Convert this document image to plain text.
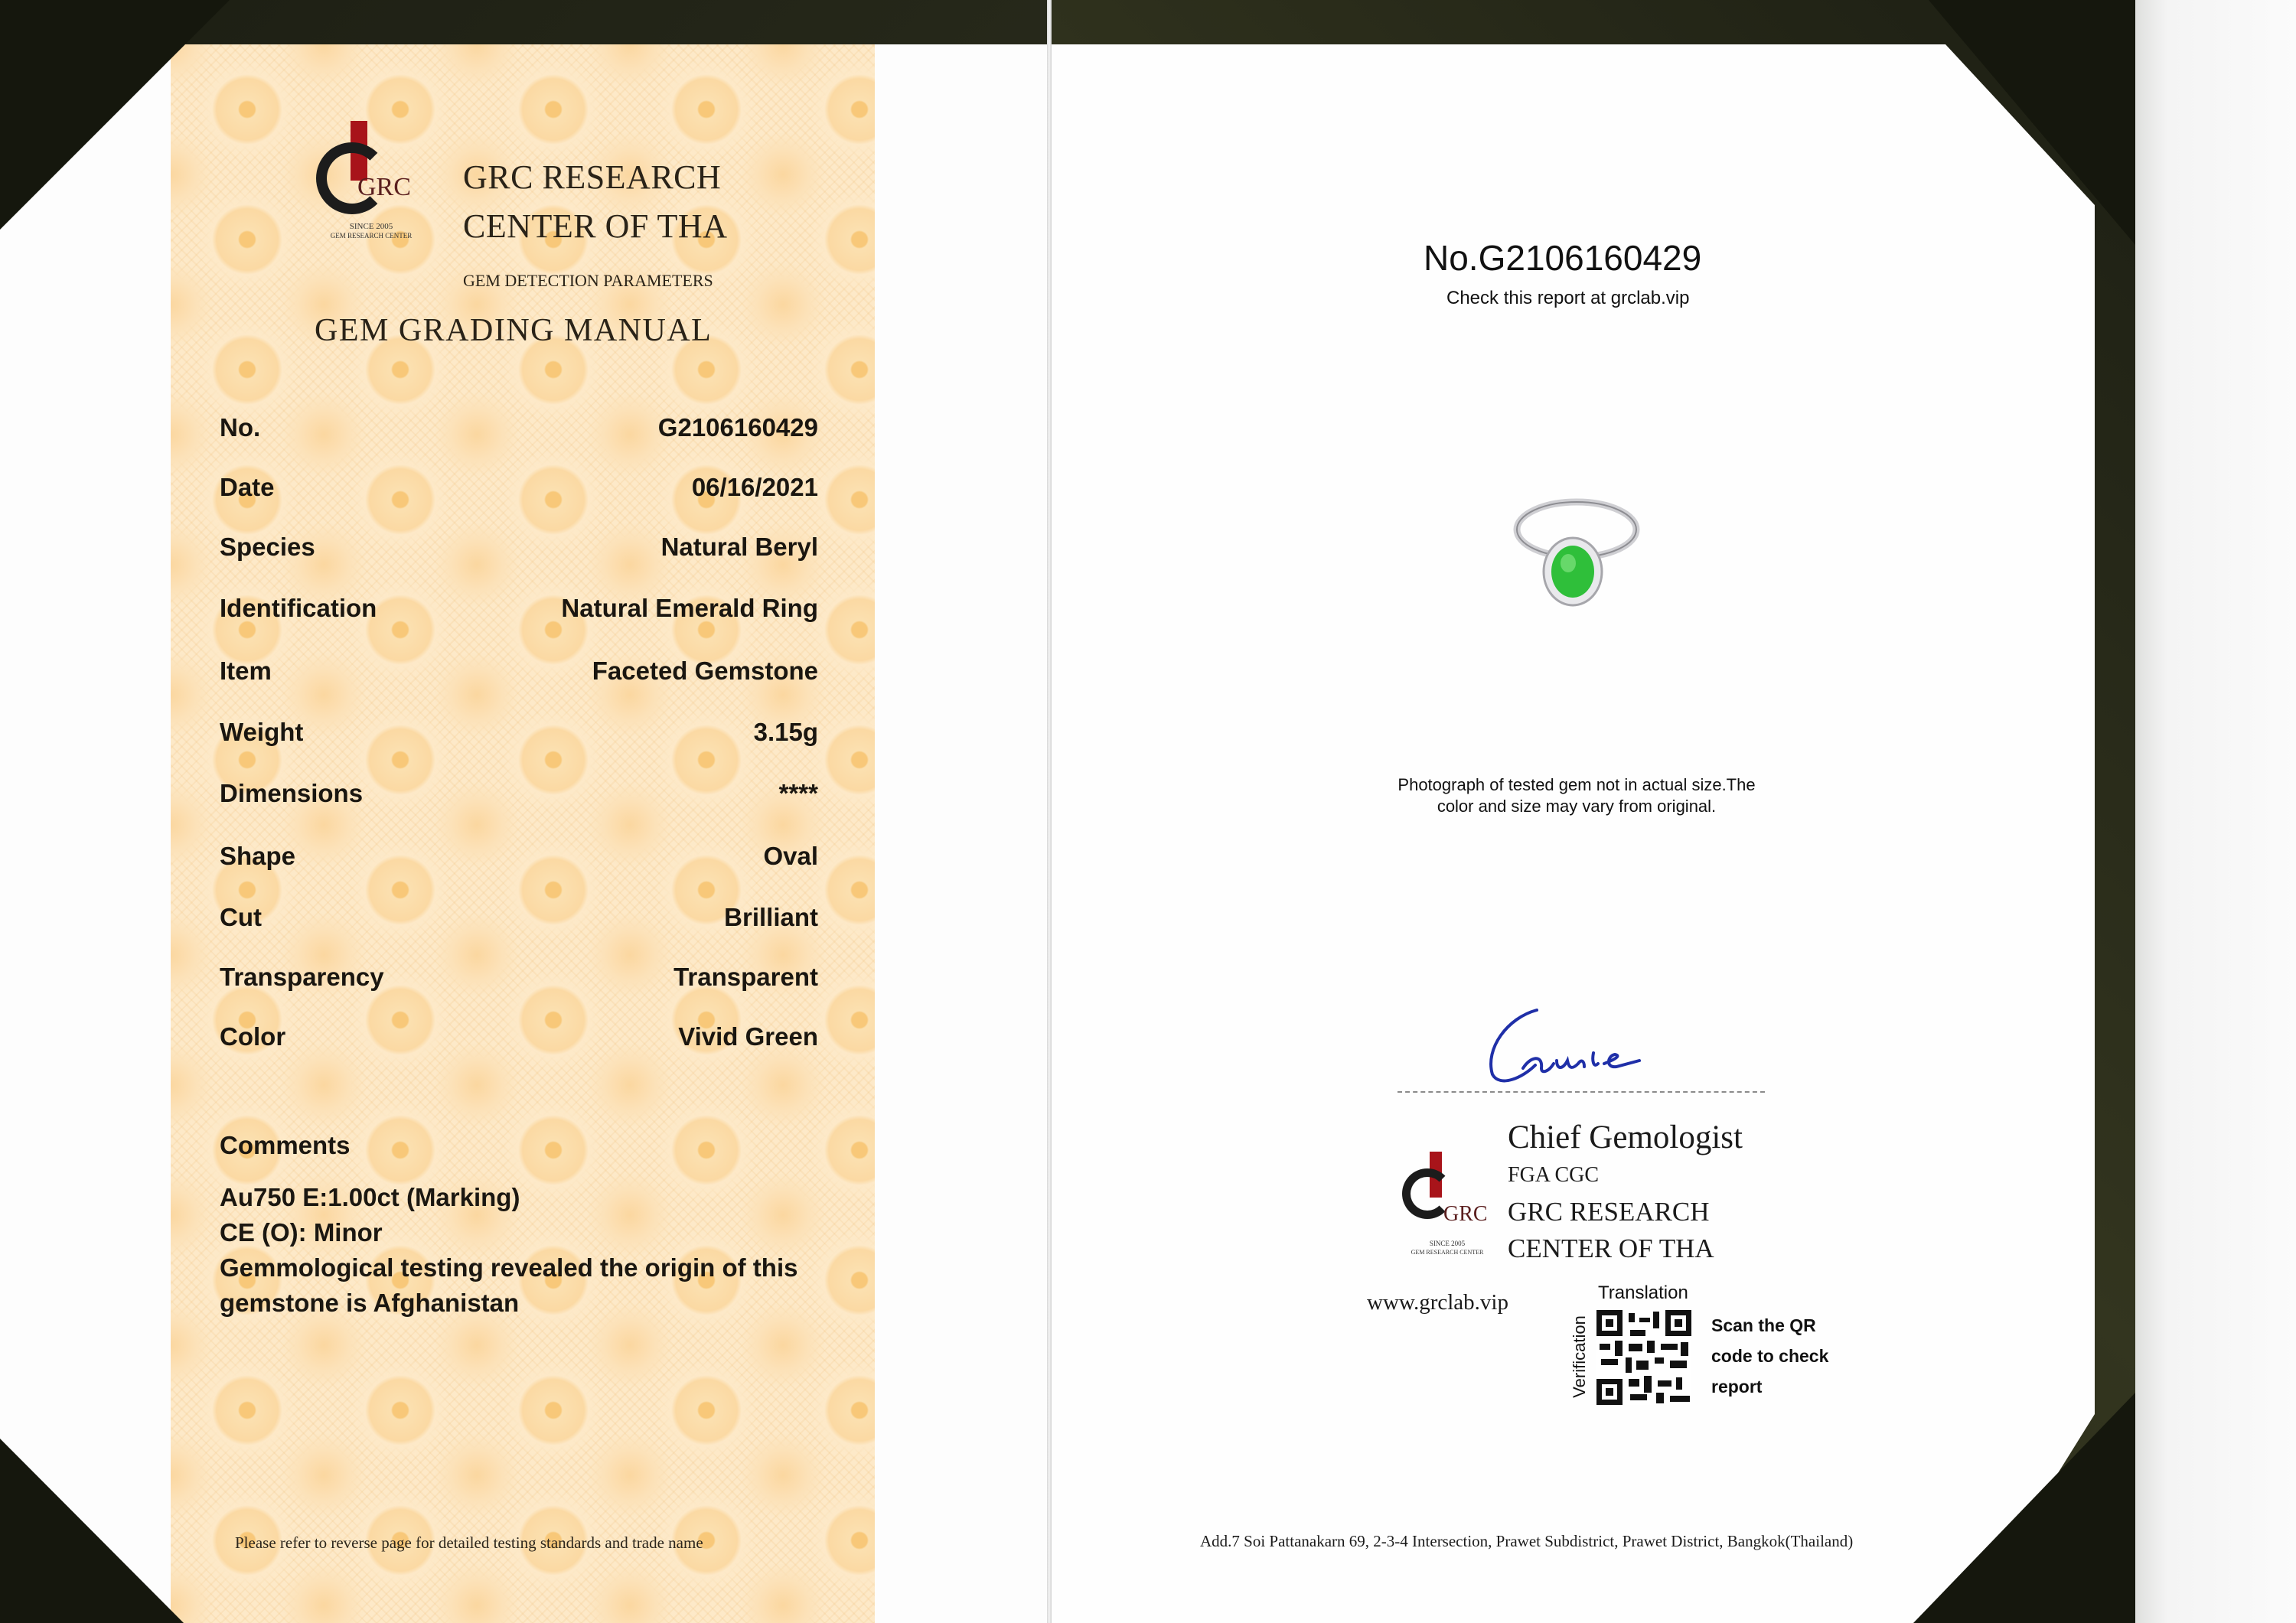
GRC
SINCE 2005
GEM RESEARCH CENTER
GRC RESEARCH
CENTER OF THA
GEM DETECTION PARAMETERS
GEM GRADING MANUAL
No.	G2106160429
Date	06/16/2021
Species	Natural Beryl
Identification	Natural Emerald Ring
Item	Faceted Gemstone
Weight	3.15g
Dimensions	****
Shape	Oval
Cut	Brilliant
Transparency	Transparent
Color	Vivid Green
Comments
Au750 E:1.00ct (Marking)
CE (O): Minor
Gemmological testing revealed the origin of this
gemstone is Afghanistan
Please refer to reverse page for detailed testing standards and trade name
No.G2106160429
Check this report at grclab.vip
Photograph of tested gem not in actual size.The
color and size may vary from original.
Carrie
GRC
SINCE 2005
GEM RESEARCH CENTER
Chief Gemologist
FGA CGC
GRC RESEARCH
CENTER OF THA
www.grclab.vip	Translation
Verification	Scan the QR
code to check
report
Add.7 Soi Pattanakarn 69, 2-3-4 Intersection, Prawet Subdistrict, Prawet District, Bangkok(Thailand)
